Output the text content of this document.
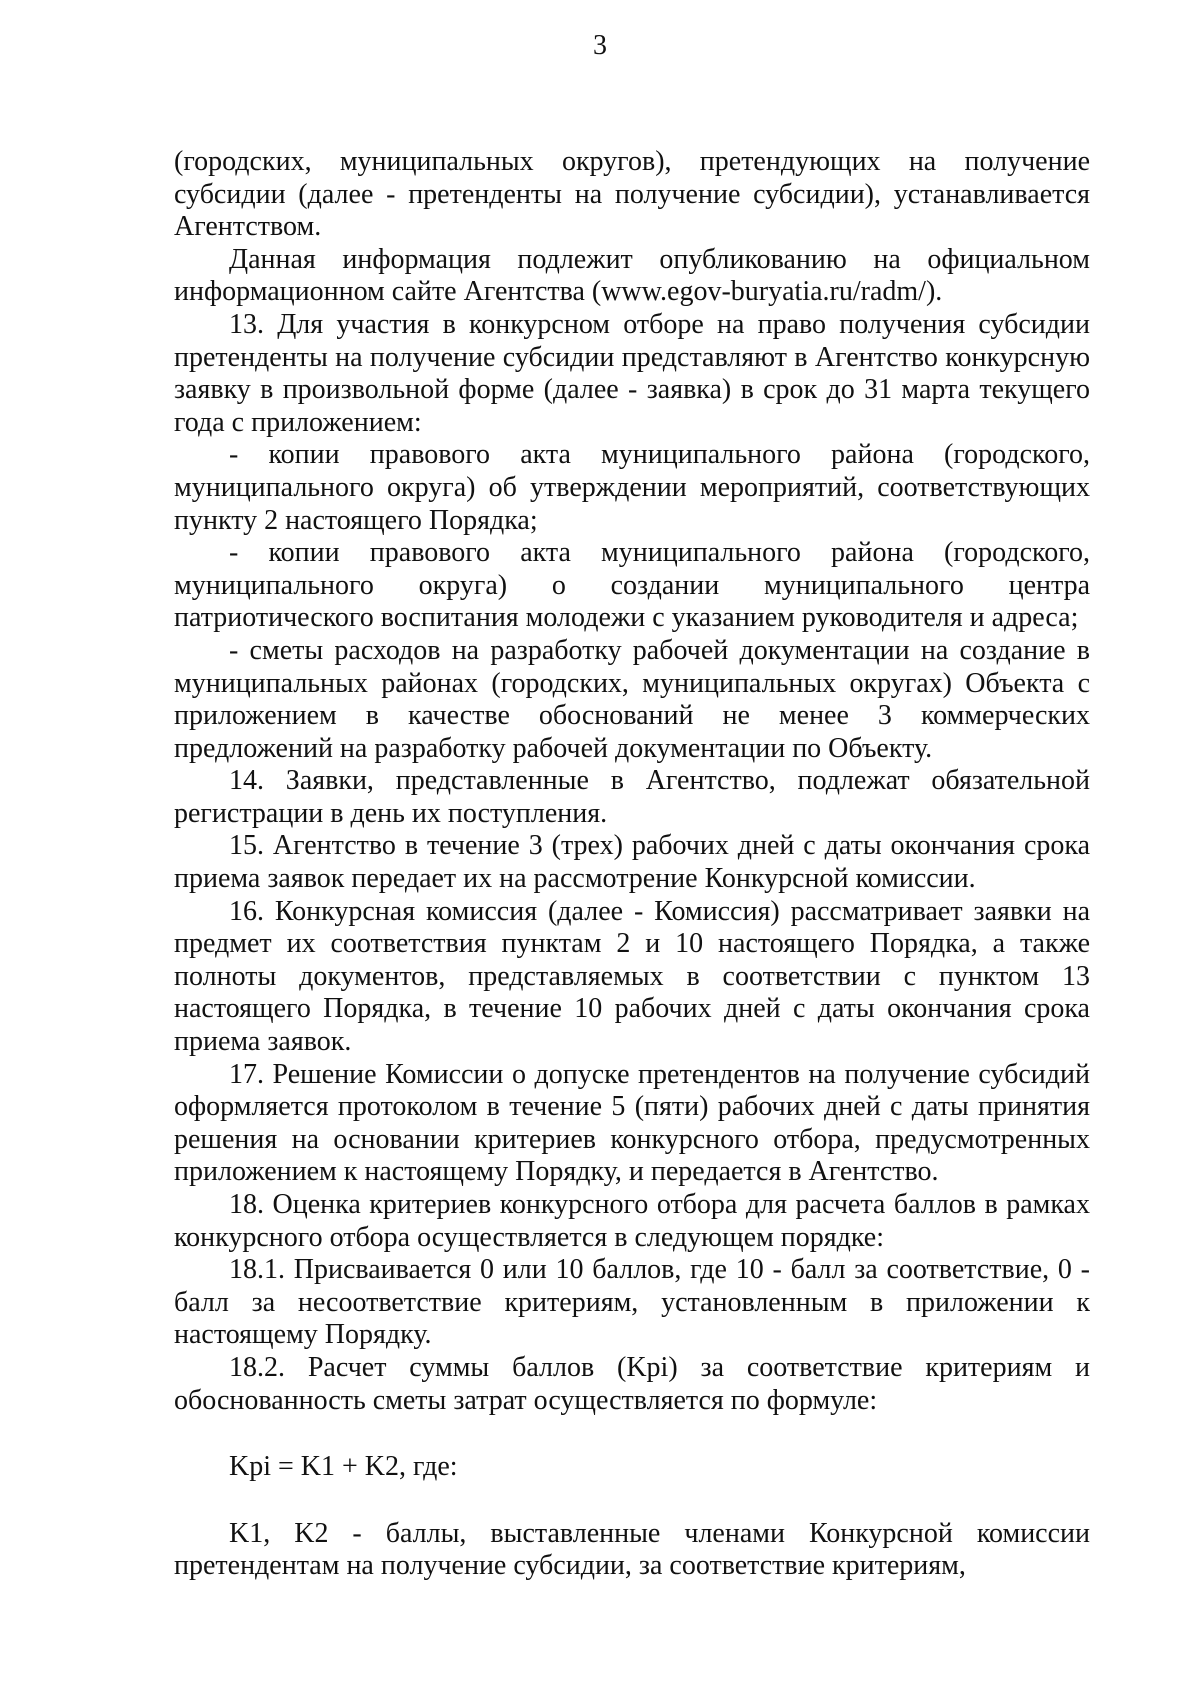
3

(городских, муниципальных округов), претендующих на получение субсидии (далее - претенденты на получение субсидии), устанавливается Агентством.

Данная информация подлежит опубликованию на официальном информационном сайте Агентства (www.egov-buryatia.ru/radm/).

13. Для участия в конкурсном отборе на право получения субсидии претенденты на получение субсидии представляют в Агентство конкурсную заявку в произвольной форме (далее - заявка) в срок до 31 марта текущего года с приложением:

- копии правового акта муниципального района (городского, муниципального округа) об утверждении мероприятий, соответствующих пункту 2 настоящего Порядка;

- копии правового акта муниципального района (городского, муниципального округа) о создании муниципального центра патриотического воспитания молодежи с указанием руководителя и адреса;

- сметы расходов на разработку рабочей документации на создание в муниципальных районах (городских, муниципальных округах) Объекта с приложением в качестве обоснований не менее 3 коммерческих предложений на разработку рабочей документации по Объекту.

14. Заявки, представленные в Агентство, подлежат обязательной регистрации в день их поступления.

15. Агентство в течение 3 (трех) рабочих дней с даты окончания срока приема заявок передает их на рассмотрение Конкурсной комиссии.

16. Конкурсная комиссия (далее - Комиссия) рассматривает заявки на предмет их соответствия пунктам 2 и 10 настоящего Порядка, а также полноты документов, представляемых в соответствии с пунктом 13 настоящего Порядка, в течение 10 рабочих дней с даты окончания срока приема заявок.

17. Решение Комиссии о допуске претендентов на получение субсидий оформляется протоколом в течение 5 (пяти) рабочих дней с даты принятия решения на основании критериев конкурсного отбора, предусмотренных приложением к настоящему Порядку, и передается в Агентство.

18. Оценка критериев конкурсного отбора для расчета баллов в рамках конкурсного отбора осуществляется в следующем порядке:

18.1. Присваивается 0 или 10 баллов, где 10 - балл за соответствие, 0 - балл за несоответствие критериям, установленным в приложении к настоящему Порядку.

18.2. Расчет суммы баллов (Kpi) за соответствие критериям и обоснованность сметы затрат осуществляется по формуле:

Kpi = K1 + K2, где:

K1, K2 - баллы, выставленные членами Конкурсной комиссии претендентам на получение субсидии, за соответствие критериям,
